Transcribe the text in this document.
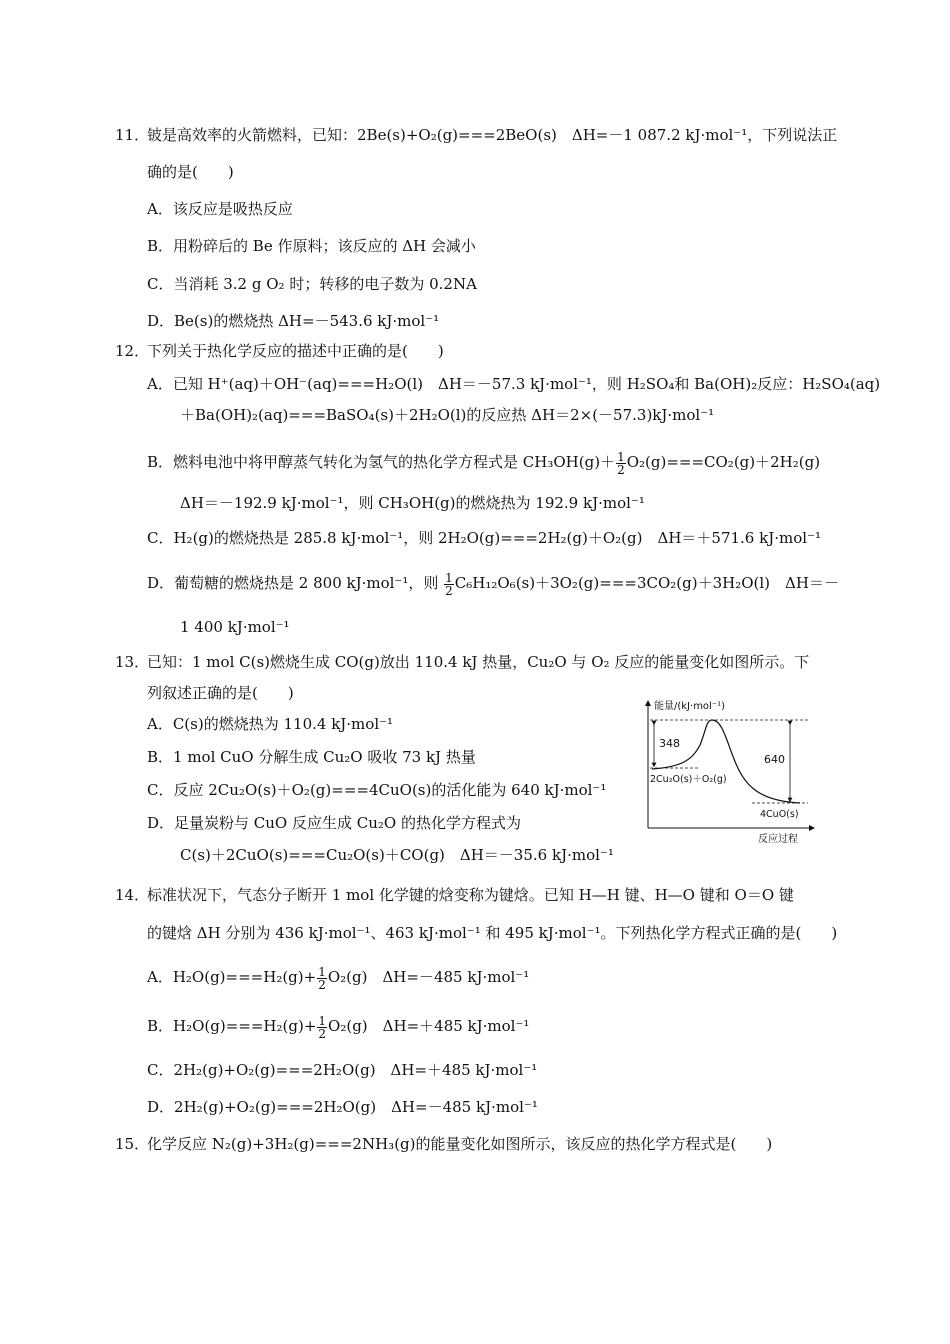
11．
铍是高效率的火箭燃料，已知：2Be(s)+O₂(g)===2BeO(s)　ΔH=－1 087.2 kJ·mol⁻¹，下列说法正
确的是(　　)
A．该反应是吸热反应
B．用粉碎后的 Be 作原料；该反应的 ΔH 会减小
C．当消耗 3.2 g O₂ 时；转移的电子数为 0.2NA
D．Be(s)的燃烧热 ΔH=－543.6 kJ·mol⁻¹
12．
下列关于热化学反应的描述中正确的是(　　)
A．已知 H⁺(aq)＋OH⁻(aq)===H₂O(l)　ΔH＝－57.3 kJ·mol⁻¹，则 H₂SO₄和 Ba(OH)₂反应：H₂SO₄(aq)
＋Ba(OH)₂(aq)===BaSO₄(s)＋2H₂O(l)的反应热 ΔH＝2×(－57.3)kJ·mol⁻¹
B．燃料电池中将甲醇蒸气转化为氢气的热化学方程式是 $CH_3OH(g)+ \frac{1}{2} O_2(g)===CO_2(g)+2H_2(g)$
ΔH＝－192.9 kJ·mol⁻¹，则 CH₃OH(g)的燃烧热为 192.9 kJ·mol⁻¹
C．H₂(g)的燃烧热是 285.8 kJ·mol⁻¹，则 2H₂O(g)===2H₂(g)＋O₂(g)　ΔH＝＋571.6 kJ·mol⁻¹
D．葡萄糖的燃烧热是 2 800 kJ·mol⁻¹，则 $\frac{1}{2} C_6H_{12}O_6(s)+3O_2(g)===3CO_2(g)+3H_2O(l)$　ΔH＝－
1 400 kJ·mol⁻¹
13．
已知：1 mol C(s)燃烧生成 CO(g)放出 110.4 kJ 热量，Cu₂O 与 O₂ 反应的能量变化如图所示。下
列叙述正确的是(　　)
A．C(s)的燃烧热为 110.4 kJ·mol⁻¹
B．1 mol CuO 分解生成 Cu₂O 吸收 73 kJ 热量
C．反应 2Cu₂O(s)＋O₂(g)===4CuO(s)的活化能为 640 kJ·mol⁻¹
D．足量炭粉与 CuO 反应生成 Cu₂O 的热化学方程式为
C(s)＋2CuO(s)===Cu₂O(s)＋CO(g)　ΔH＝－35.6 kJ·mol⁻¹
能量/(kJ·mol⁻¹)
反应过程
348
640
2Cu₂O(s)＋O₂(g)
4CuO(s)
14．
标准状况下，气态分子断开 1 mol 化学键的焓变称为键焓。已知 H—H 键、H—O 键和 O＝O 键
的键焓 ΔH 分别为 436 kJ·mol⁻¹、463 kJ·mol⁻¹ 和 495 kJ·mol⁻¹。下列热化学方程式正确的是(　　)
A．$H_2O(g)===H_2(g)+ \frac{1}{2} O_2(g)$　ΔH=－485 kJ·mol⁻¹
B．$H_2O(g)===H_2(g)+ \frac{1}{2} O_2(g)$　ΔH=＋485 kJ·mol⁻¹
C．2H₂(g)+O₂(g)===2H₂O(g)　ΔH=＋485 kJ·mol⁻¹
D．2H₂(g)+O₂(g)===2H₂O(g)　ΔH=－485 kJ·mol⁻¹
15．
化学反应 N₂(g)+3H₂(g)===2NH₃(g)的能量变化如图所示，该反应的热化学方程式是(　　)
